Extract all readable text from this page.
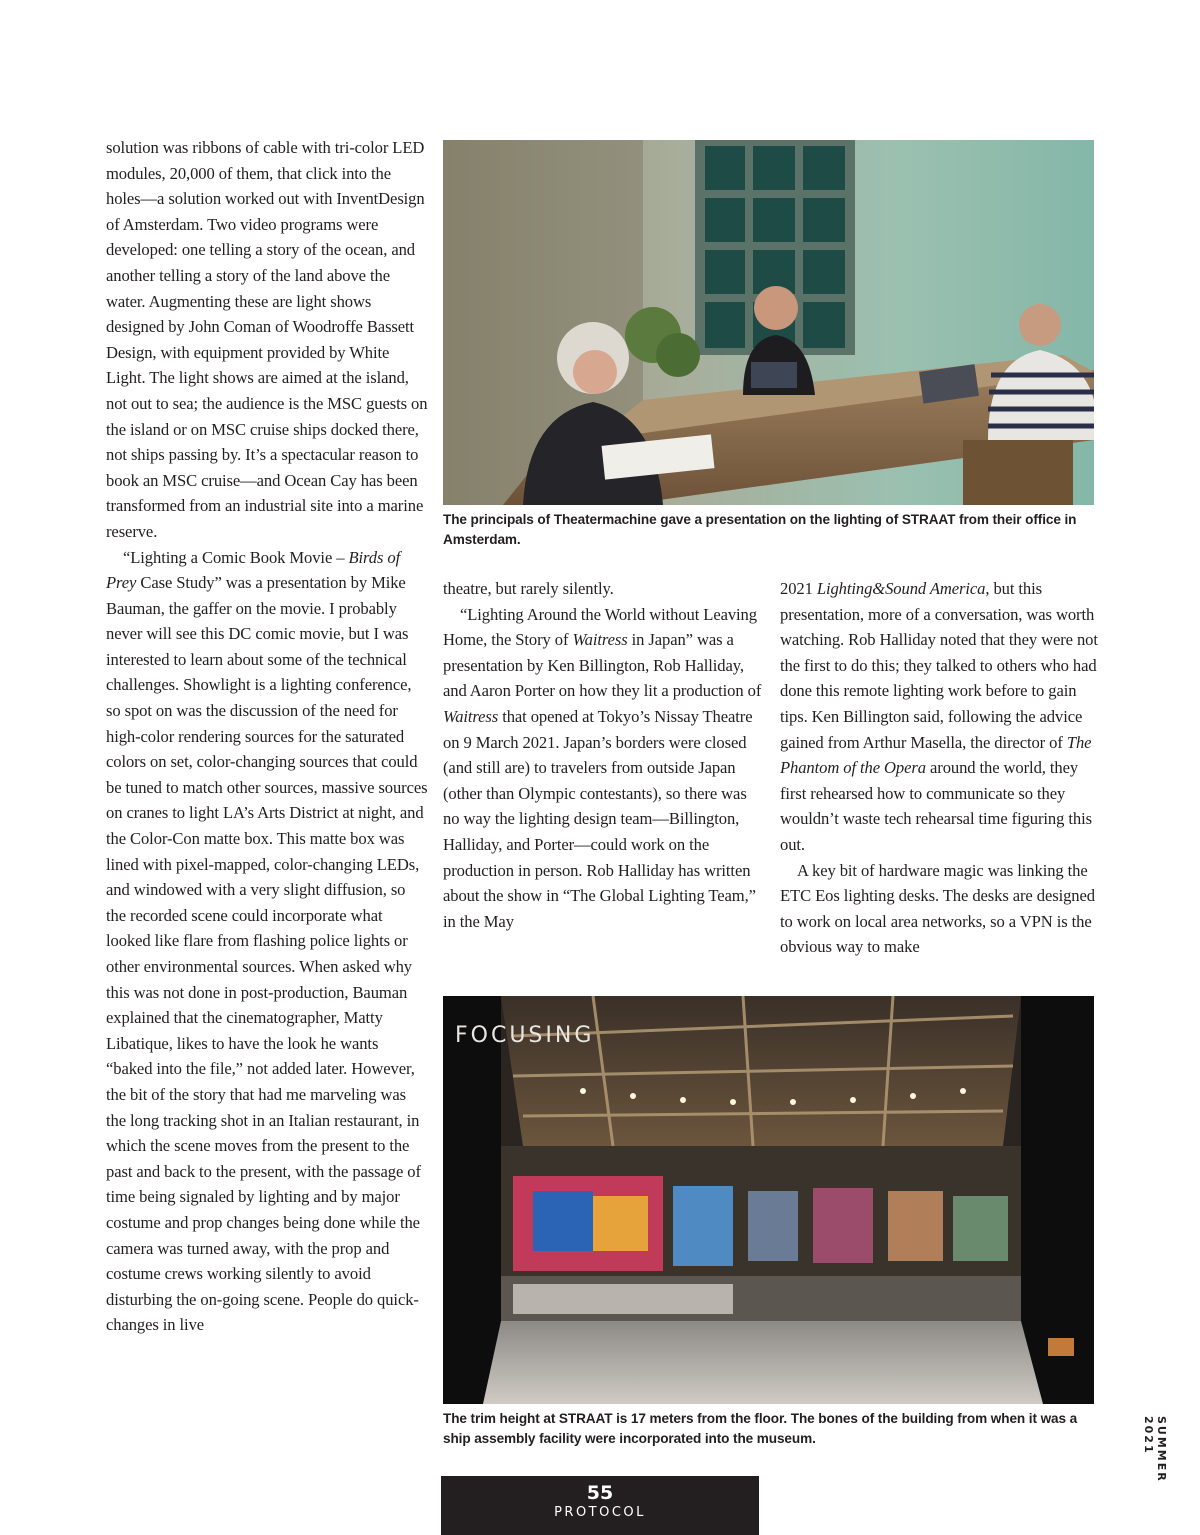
solution was ribbons of cable with tri-color LED modules, 20,000 of them, that click into the holes—a solution worked out with InventDesign of Amsterdam. Two video programs were developed: one telling a story of the ocean, and another telling a story of the land above the water. Augmenting these are light shows designed by John Coman of Woodroffe Bassett Design, with equipment provided by White Light. The light shows are aimed at the island, not out to sea; the audience is the MSC guests on the island or on MSC cruise ships docked there, not ships passing by. It’s a spectacular reason to book an MSC cruise—and Ocean Cay has been transformed from an industrial site into a marine reserve.

“Lighting a Comic Book Movie – Birds of Prey Case Study” was a presentation by Mike Bauman, the gaffer on the movie. I probably never will see this DC comic movie, but I was interested to learn about some of the technical challenges. Showlight is a lighting conference, so spot on was the discussion of the need for high-color rendering sources for the saturated colors on set, color-changing sources that could be tuned to match other sources, massive sources on cranes to light LA’s Arts District at night, and the Color-Con matte box. This matte box was lined with pixel-mapped, color-changing LEDs, and windowed with a very slight diffusion, so the recorded scene could incorporate what looked like flare from flashing police lights or other environmental sources. When asked why this was not done in post-production, Bauman explained that the cinematographer, Matty Libatique, likes to have the look he wants “baked into the file,” not added later. However, the bit of the story that had me marveling was the long tracking shot in an Italian restaurant, in which the scene moves from the present to the past and back to the present, with the passage of time being signaled by lighting and by major costume and prop changes being done while the camera was turned away, with the prop and costume crews working silently to avoid disturbing the on-going scene. People do quick-changes in live

The principals of Theatermachine gave a presentation on the lighting of STRAAT from their office in Amsterdam.

theatre, but rarely silently.

“Lighting Around the World without Leaving Home, the Story of Waitress in Japan” was a presentation by Ken Billington, Rob Halliday, and Aaron Porter on how they lit a production of Waitress that opened at Tokyo’s Nissay Theatre on 9 March 2021. Japan’s borders were closed (and still are) to travelers from outside Japan (other than Olympic contestants), so there was no way the lighting design team—Billington, Halliday, and Porter—could work on the production in person. Rob Halliday has written about the show in “The Global Lighting Team,” in the May

2021 Lighting&Sound America, but this presentation, more of a conversation, was worth watching. Rob Halliday noted that they were not the first to do this; they talked to others who had done this remote lighting work before to gain tips. Ken Billington said, following the advice gained from Arthur Masella, the director of The Phantom of the Opera around the world, they first rehearsed how to communicate so they wouldn’t waste tech rehearsal time figuring this out.

A key bit of hardware magic was linking the ETC Eos lighting desks. The desks are designed to work on local area networks, so a VPN is the obvious way to make

FOCUSING
The trim height at STRAAT is 17 meters from the floor. The bones of the building from when it was a ship assembly facility were incorporated into the museum.
55
PROTOCOL
SUMMER 2021
